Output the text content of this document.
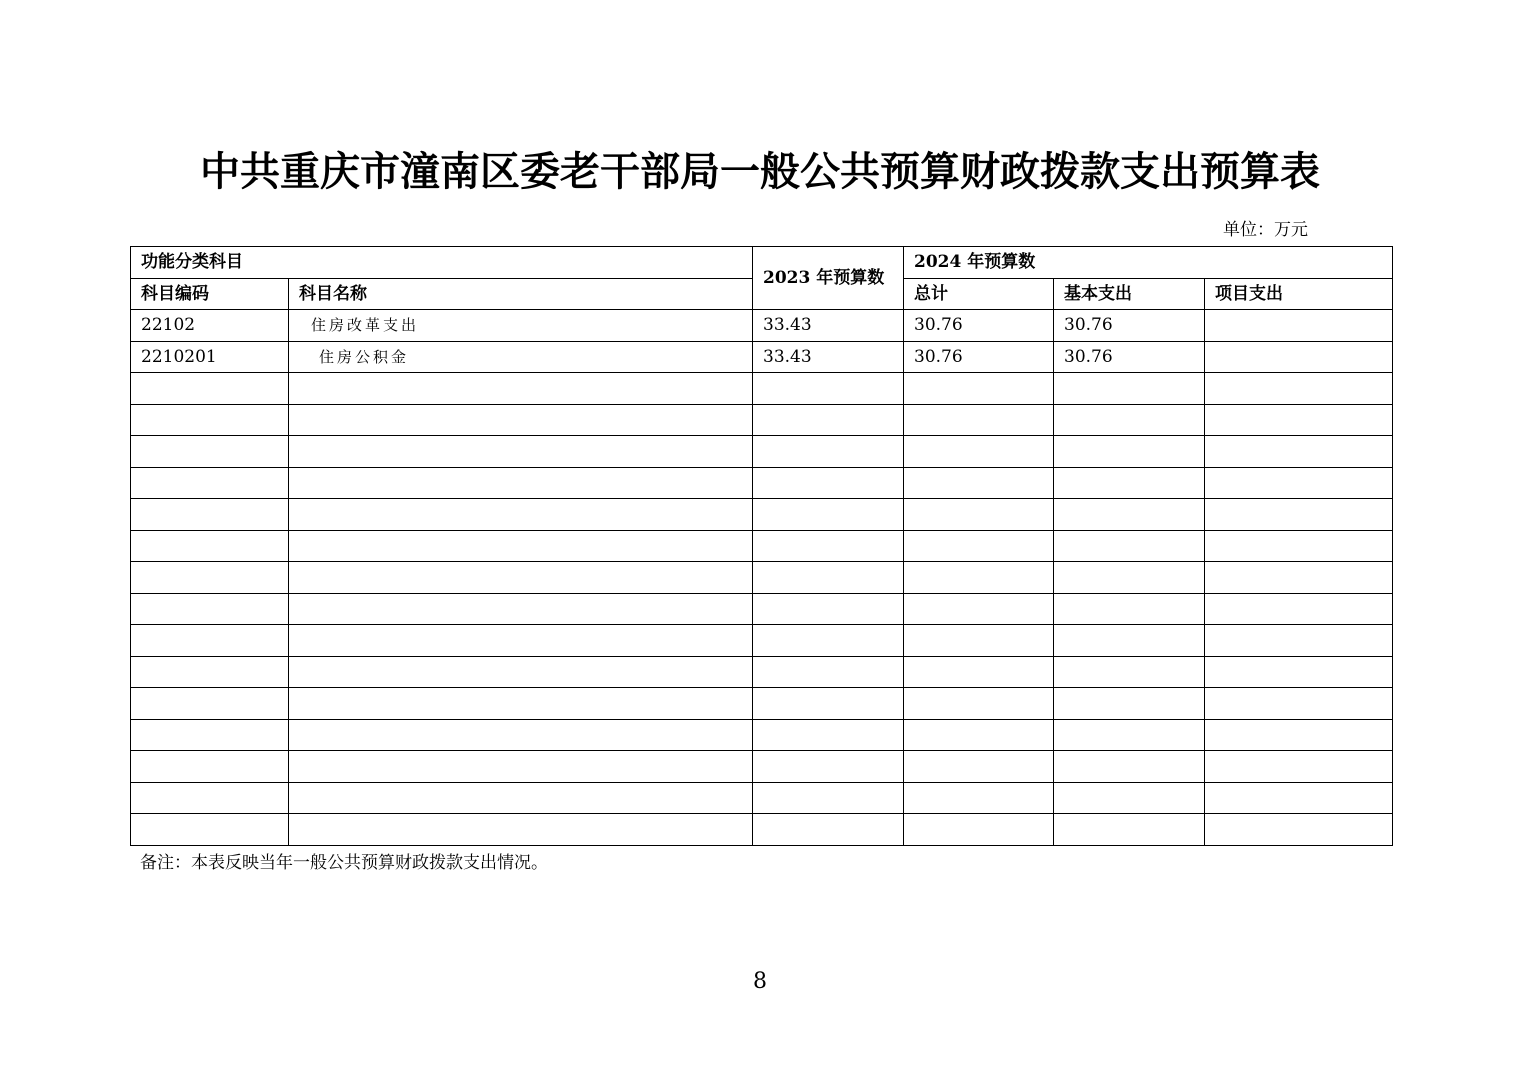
中共重庆市潼南区委老干部局一般公共预算财政拨款支出预算表
单位：万元
功能分类科目		2023 年预算数	2024 年预算数		
科目编码	科目名称		总计	基本支出	项目支出
22102	住房改革支出	33.43	30.76	30.76	
2210201	住房公积金	33.43	30.76	30.76	

备注：本表反映当年一般公共预算财政拨款支出情况。
8
